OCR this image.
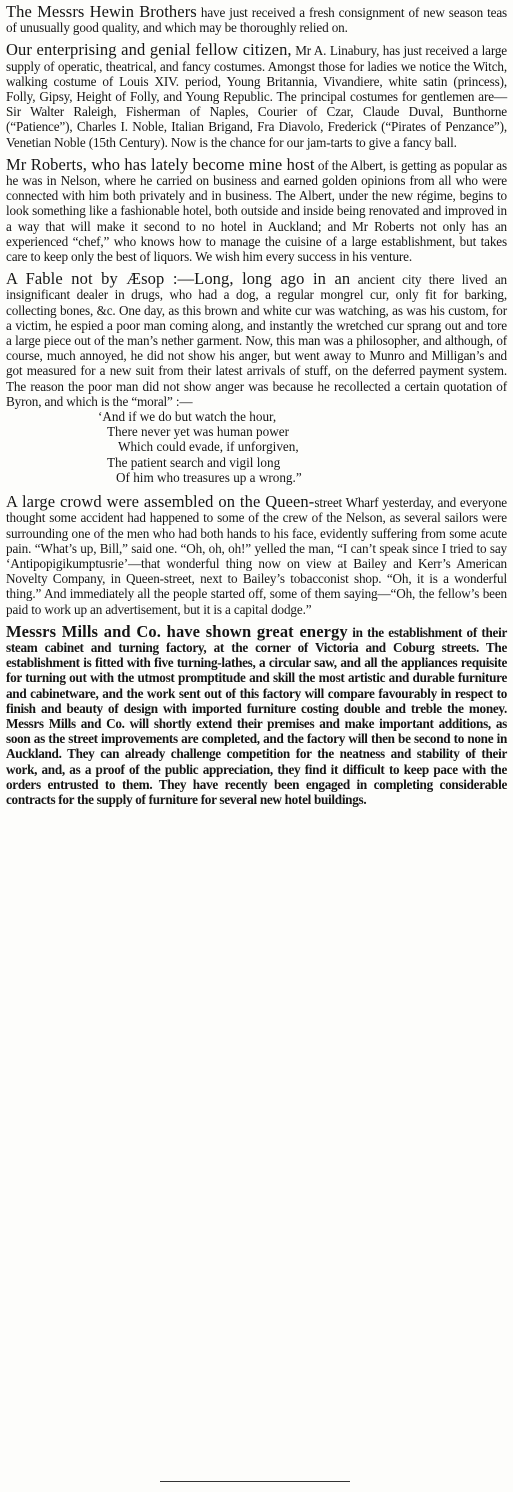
The Messrs Hewin Brothers have just received a fresh consignment of new season teas of unusually good quality, and which may be thoroughly relied on.

Our enterprising and genial fellow citizen, Mr A. Linabury, has just received a large supply of operatic, theatrical, and fancy costumes. Amongst those for ladies we notice the Witch, walking costume of Louis XIV. period, Young Britannia, Vivandiere, white satin (princess), Folly, Gipsy, Height of Folly, and Young Republic. The principal costumes for gentlemen are—Sir Walter Raleigh, Fisherman of Naples, Courier of Czar, Claude Duval, Bunthorne (“Patience”), Charles I. Noble, Italian Brigand, Fra Diavolo, Frederick (“Pirates of Penzance”), Venetian Noble (15th Century). Now is the chance for our jam-tarts to give a fancy ball.

Mr Roberts, who has lately become mine host of the Albert, is getting as popular as he was in Nelson, where he carried on business and earned golden opinions from all who were connected with him both privately and in business. The Albert, under the new régime, begins to look something like a fashionable hotel, both outside and inside being renovated and improved in a way that will make it second to no hotel in Auckland; and Mr Roberts not only has an experienced “chef,” who knows how to manage the cuisine of a large establishment, but takes care to keep only the best of liquors. We wish him every success in his venture.

A Fable not by Æsop :—Long, long ago in an ancient city there lived an insignificant dealer in drugs, who had a dog, a regular mongrel cur, only fit for barking, collecting bones, &c. One day, as this brown and white cur was watching, as was his custom, for a victim, he espied a poor man coming along, and instantly the wretched cur sprang out and tore a large piece out of the man’s nether garment. Now, this man was a philosopher, and although, of course, much annoyed, he did not show his anger, but went away to Munro and Milligan’s and got measured for a new suit from their latest arrivals of stuff, on the deferred payment system. The reason the poor man did not show anger was because he recollected a certain quotation of Byron, and which is the “moral” :—

‘And if we do but watch the hour,
There never yet was human power
Which could evade, if unforgiven,
The patient search and vigil long
Of him who treasures up a wrong.”

A large crowd were assembled on the Queen-street Wharf yesterday, and everyone thought some accident had happened to some of the crew of the Nelson, as several sailors were surrounding one of the men who had both hands to his face, evidently suffering from some acute pain. “What’s up, Bill,” said one. “Oh, oh, oh!” yelled the man, “I can’t speak since I tried to say ‘Antipopigikumptusrie’—that wonderful thing now on view at Bailey and Kerr’s American Novelty Company, in Queen-street, next to Bailey’s tobacconist shop. “Oh, it is a wonderful thing.” And immediately all the people started off, some of them saying—“Oh, the fellow’s been paid to work up an advertisement, but it is a capital dodge.”

Messrs Mills and Co. have shown great energy in the establishment of their steam cabinet and turning factory, at the corner of Victoria and Coburg streets. The establishment is fitted with five turning-lathes, a circular saw, and all the appliances requisite for turning out with the utmost promptitude and skill the most artistic and durable furniture and cabinetware, and the work sent out of this factory will compare favourably in respect to finish and beauty of design with imported furniture costing double and treble the money. Messrs Mills and Co. will shortly extend their premises and make important additions, as soon as the street improvements are completed, and the factory will then be second to none in Auckland. They can already challenge competition for the neatness and stability of their work, and, as a proof of the public appreciation, they find it difficult to keep pace with the orders entrusted to them. They have recently been engaged in completing considerable contracts for the supply of furniture for several new hotel buildings.
